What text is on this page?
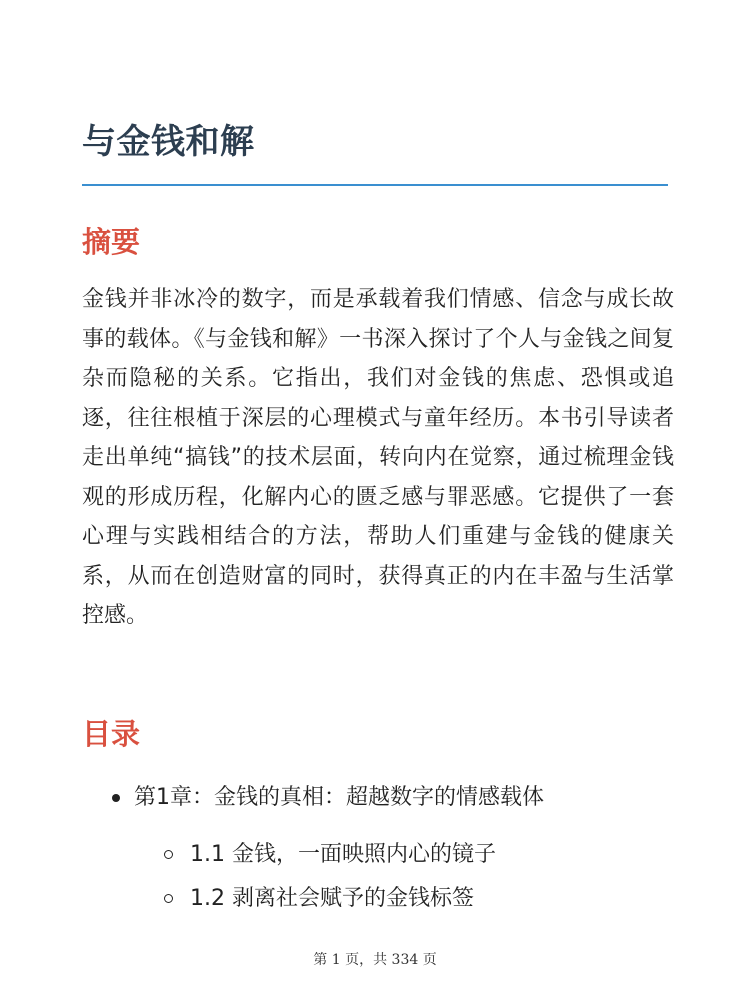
与金钱和解
摘要

金钱并非冰冷的数字，而是承载着我们情感、信念与成长故事的载体。《与金钱和解》一书深入探讨了个人与金钱之间复杂而隐秘的关系。它指出，我们对金钱的焦虑、恐惧或追逐，往往根植于深层的心理模式与童年经历。本书引导读者走出单纯“搞钱”的技术层面，转向内在觉察，通过梳理金钱观的形成历程，化解内心的匮乏感与罪恶感。它提供了一套心理与实践相结合的方法，帮助人们重建与金钱的健康关系，从而在创造财富的同时，获得真正的内在丰盈与生活掌控感。

目录
第1章：金钱的真相：超越数字的情感载体
1.1 金钱，一面映照内心的镜子
1.2 剥离社会赋予的金钱标签
第 1 页，共 334 页
